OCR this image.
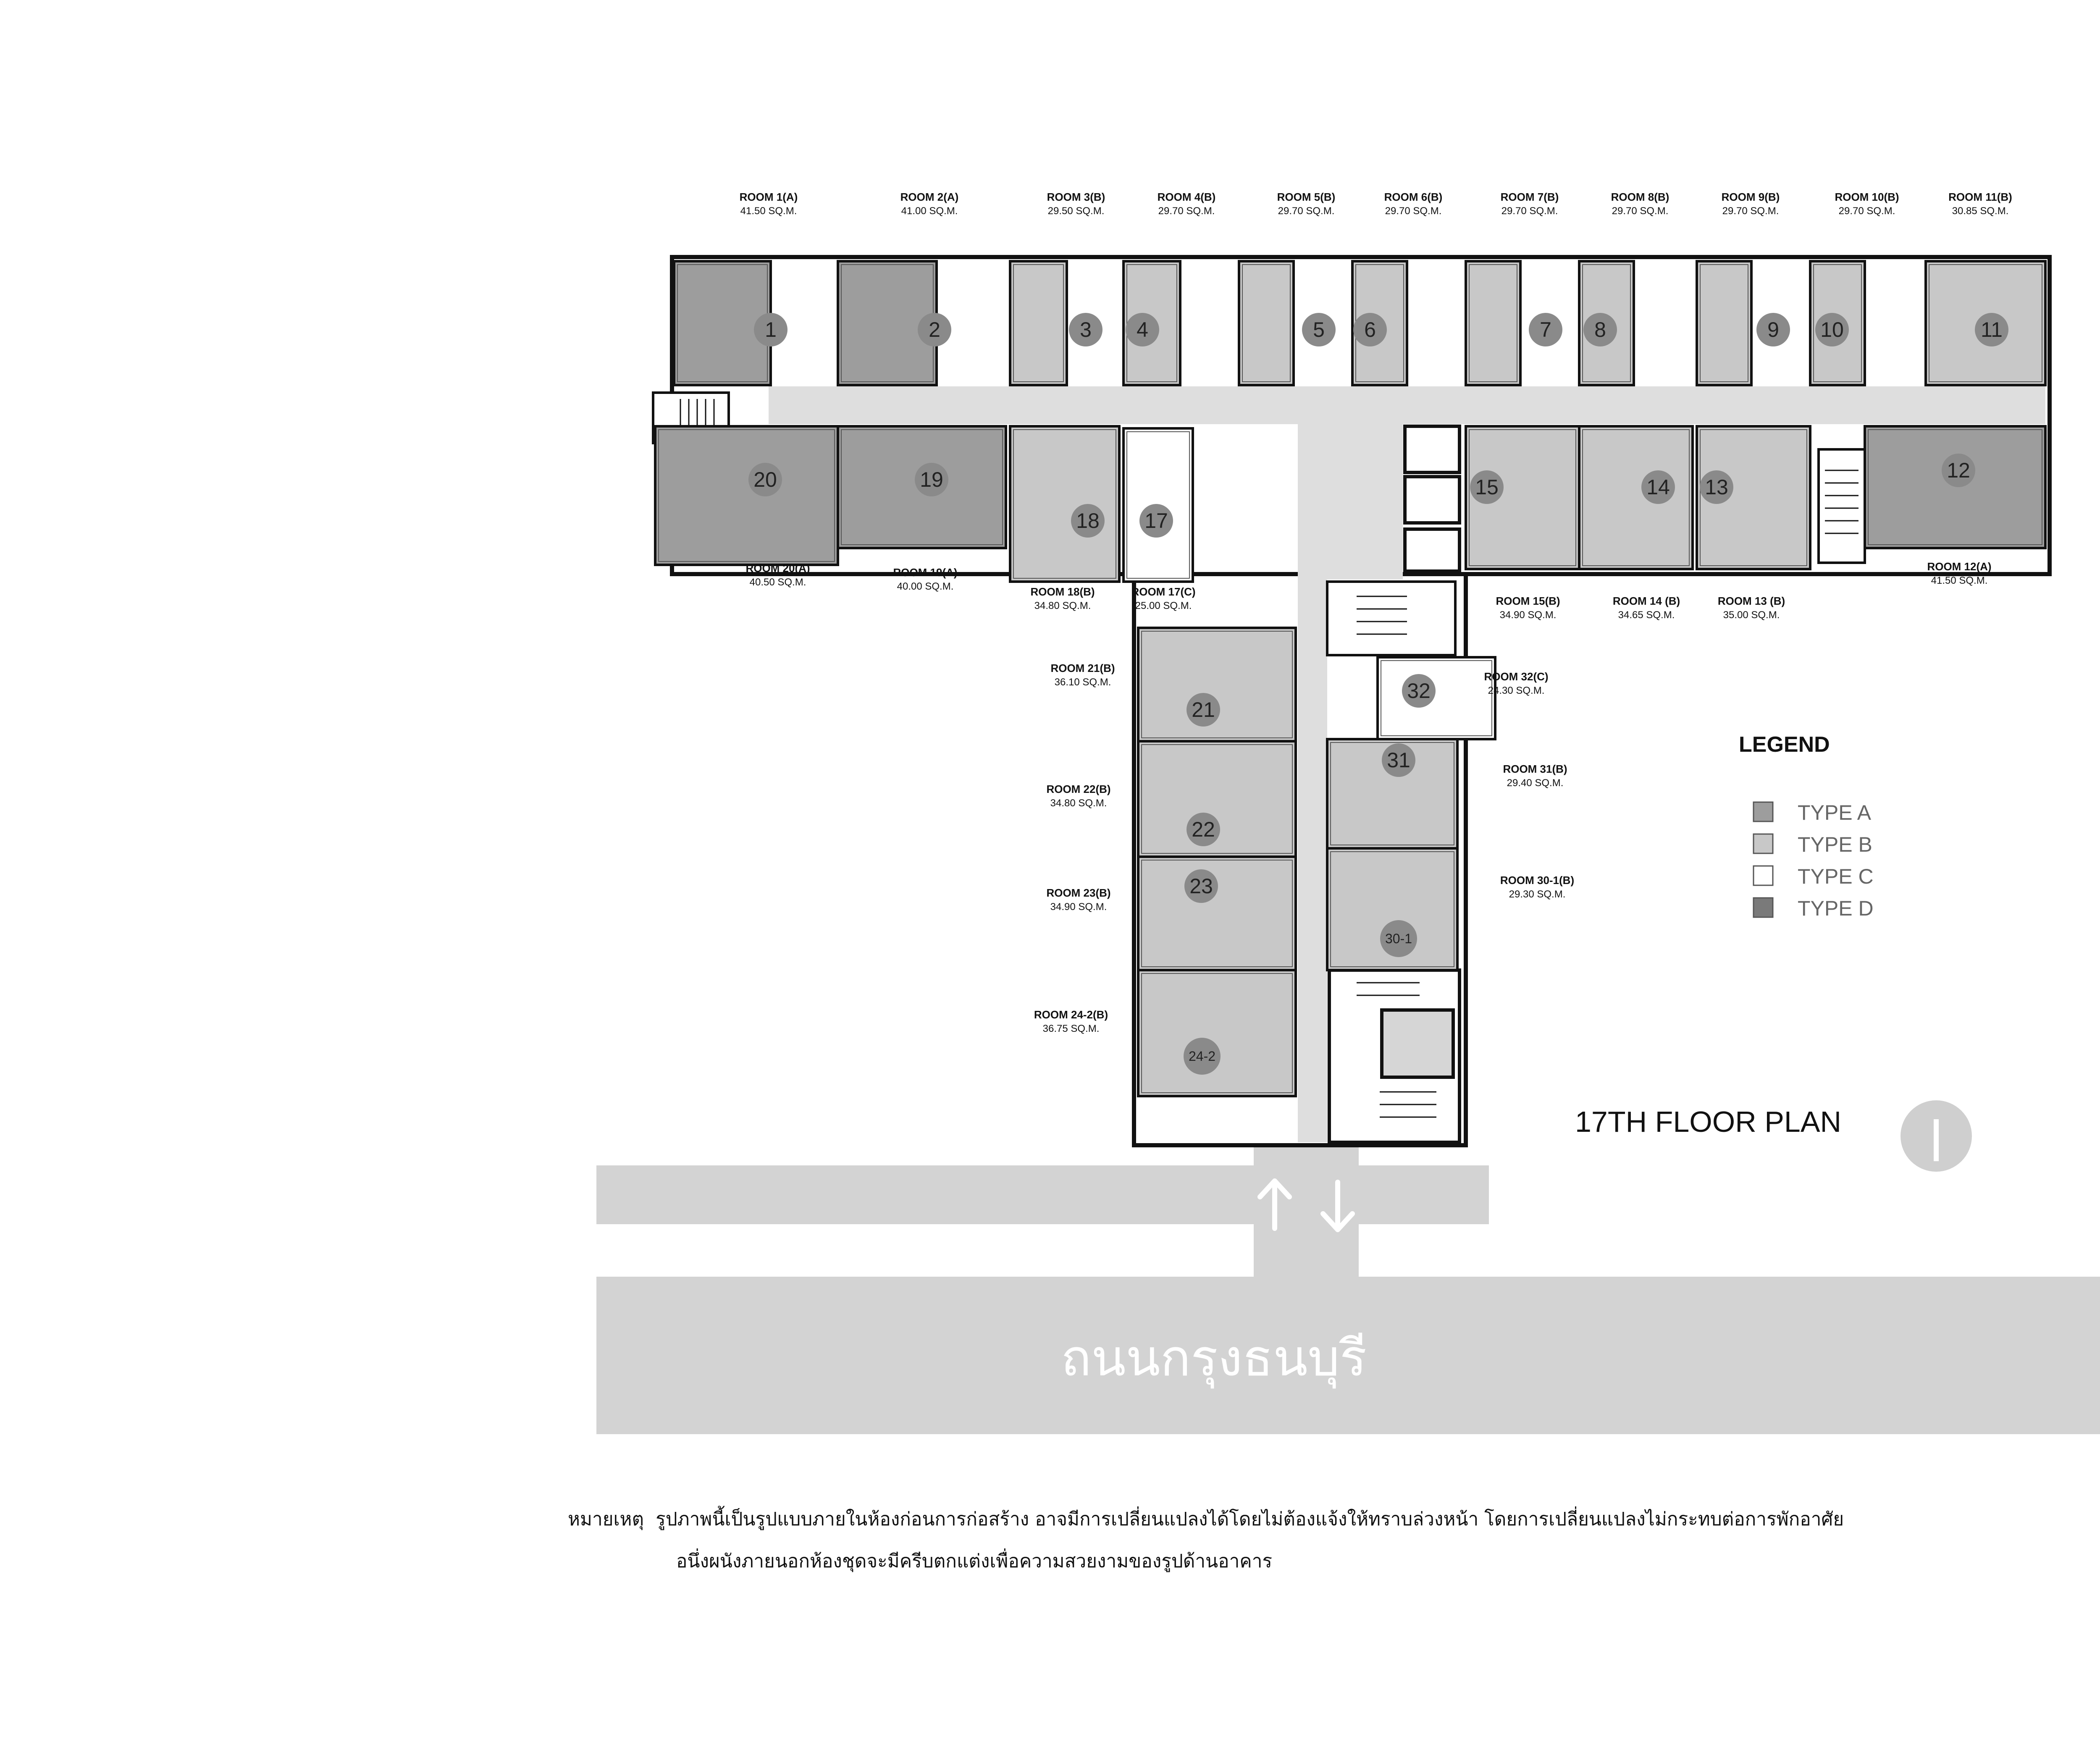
ถนนกรุงธนบุรี
1	2	3 4	5 6	7 8	9 10	11
12
13
14
15
17
18
19
20
21
22
23
24-2
30-1
31
32
ROOM 1(A)
41.50 SQ.M.
ROOM 2(A)
41.00 SQ.M.
ROOM 3(B)
29.50 SQ.M.
ROOM 4(B)
29.70 SQ.M.
ROOM 5(B)
29.70 SQ.M.
ROOM 6(B)
29.70 SQ.M.
ROOM 7(B)
29.70 SQ.M.
ROOM 8(B)
29.70 SQ.M.
ROOM 9(B)
29.70 SQ.M.
ROOM 10(B)
29.70 SQ.M.
ROOM 11(B)
30.85 SQ.M.
ROOM 12(A)
41.50 SQ.M.
ROOM 13 (B)
35.00 SQ.M.
ROOM 14 (B)
34.65 SQ.M.
ROOM 15(B)
34.90 SQ.M.
ROOM 17(C)
25.00 SQ.M.
ROOM 18(B)
34.80 SQ.M.
ROOM 19(A)
40.00 SQ.M.
ROOM 20(A)
40.50 SQ.M.
ROOM 21(B)
36.10 SQ.M.
ROOM 22(B)
34.80 SQ.M.
ROOM 23(B)
34.90 SQ.M.
ROOM 24-2(B)
36.75 SQ.M.
ROOM 30-1(B)
29.30 SQ.M.
ROOM 31(B)
29.40 SQ.M.
ROOM 32(C)
24.30 SQ.M.
LEGEND
TYPE A
TYPE B
TYPE C
TYPE D
17TH FLOOR PLAN
หมายเหตุ รูปภาพนี้เป็นรูปแบบภายในห้องก่อนการก่อสร้าง อาจมีการเปลี่ยนแปลงได้โดยไม่ต้องแจ้งให้ทราบล่วงหน้า โดยการเปลี่ยนแปลงไม่กระทบต่อการพักอาศัย
อนึ่งผนังภายนอกห้องชุดจะมีครีบตกแต่งเพื่อความสวยงามของรูปด้านอาคาร
